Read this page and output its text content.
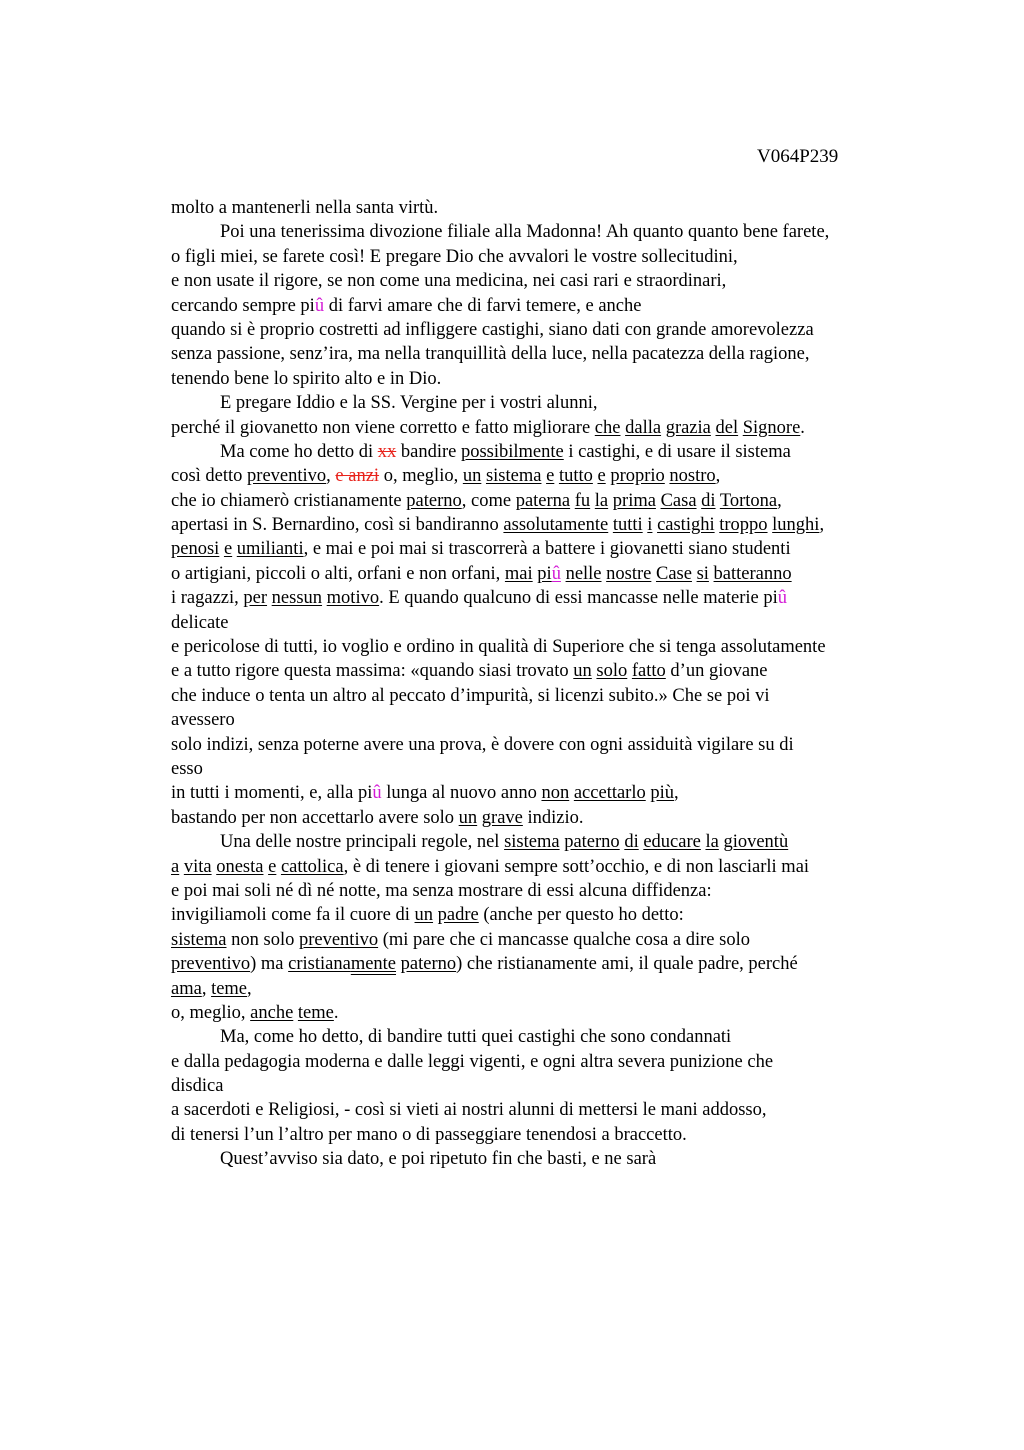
V064P239
molto a mantenerli nella santa virtù.
Poi una tenerissima divozione filiale alla Madonna! Ah quanto quanto bene farete,
o figli miei, se farete così! E pregare Dio che avvalori le vostre sollecitudini,
e non usate il rigore, se non come una medicina, nei casi rari e straordinari,
cercando sempre piû di farvi amare che di farvi temere, e anche
quando si è proprio costretti ad infliggere castighi, siano dati con grande amorevolezza
senza passione, senz’ira, ma nella tranquillità della luce, nella pacatezza della ragione,
tenendo bene lo spirito alto e in Dio.
E pregare Iddio e la SS. Vergine per i vostri alunni,
perché il giovanetto non viene corretto e fatto migliorare che dalla grazia del Signore.
Ma come ho detto di xx bandire possibilmente i castighi, e di usare il sistema
così detto preventivo, e anzi o, meglio, un sistema e tutto e proprio nostro,
che io chiamerò cristianamente paterno, come paterna fu la prima Casa di Tortona,
apertasi in S. Bernardino, così si bandiranno assolutamente tutti i castighi troppo lunghi,
penosi e umilianti, e mai e poi mai si trascorrerà a battere i giovanetti siano studenti
o artigiani, piccoli o alti, orfani e non orfani, mai piû nelle nostre Case si batteranno
i ragazzi, per nessun motivo. E quando qualcuno di essi mancasse nelle materie piû
delicate
e pericolose di tutti, io voglio e ordino in qualità di Superiore che si tenga assolutamente
e a tutto rigore questa massima: «quando siasi trovato un solo fatto d’un giovane
che induce o tenta un altro al peccato d’impurità, si licenzi subito.» Che se poi vi
avessero
solo indizi, senza poterne avere una prova, è dovere con ogni assiduità vigilare su di
esso
in tutti i momenti, e, alla piû lunga al nuovo anno non accettarlo più,
bastando per non accettarlo avere solo un grave indizio.
Una delle nostre principali regole, nel sistema paterno di educare la gioventù
a vita onesta e cattolica, è di tenere i giovani sempre sott’occhio, e di non lasciarli mai
e poi mai soli né dì né notte, ma senza mostrare di essi alcuna diffidenza:
invigiliamoli come fa il cuore di un padre (anche per questo ho detto:
sistema non solo preventivo (mi pare che ci mancasse qualche cosa a dire solo
preventivo) ma cristianamente paterno) che ristianamente ami, il quale padre, perché
ama, teme,
o, meglio, anche teme.
Ma, come ho detto, di bandire tutti quei castighi che sono condannati
e dalla pedagogia moderna e dalle leggi vigenti, e ogni altra severa punizione che
disdica
a sacerdoti e Religiosi, - così si vieti ai nostri alunni di mettersi le mani addosso,
di tenersi l’un l’altro per mano o di passeggiare tenendosi a braccetto.
Quest’avviso sia dato, e poi ripetuto fin che basti, e ne sarà
